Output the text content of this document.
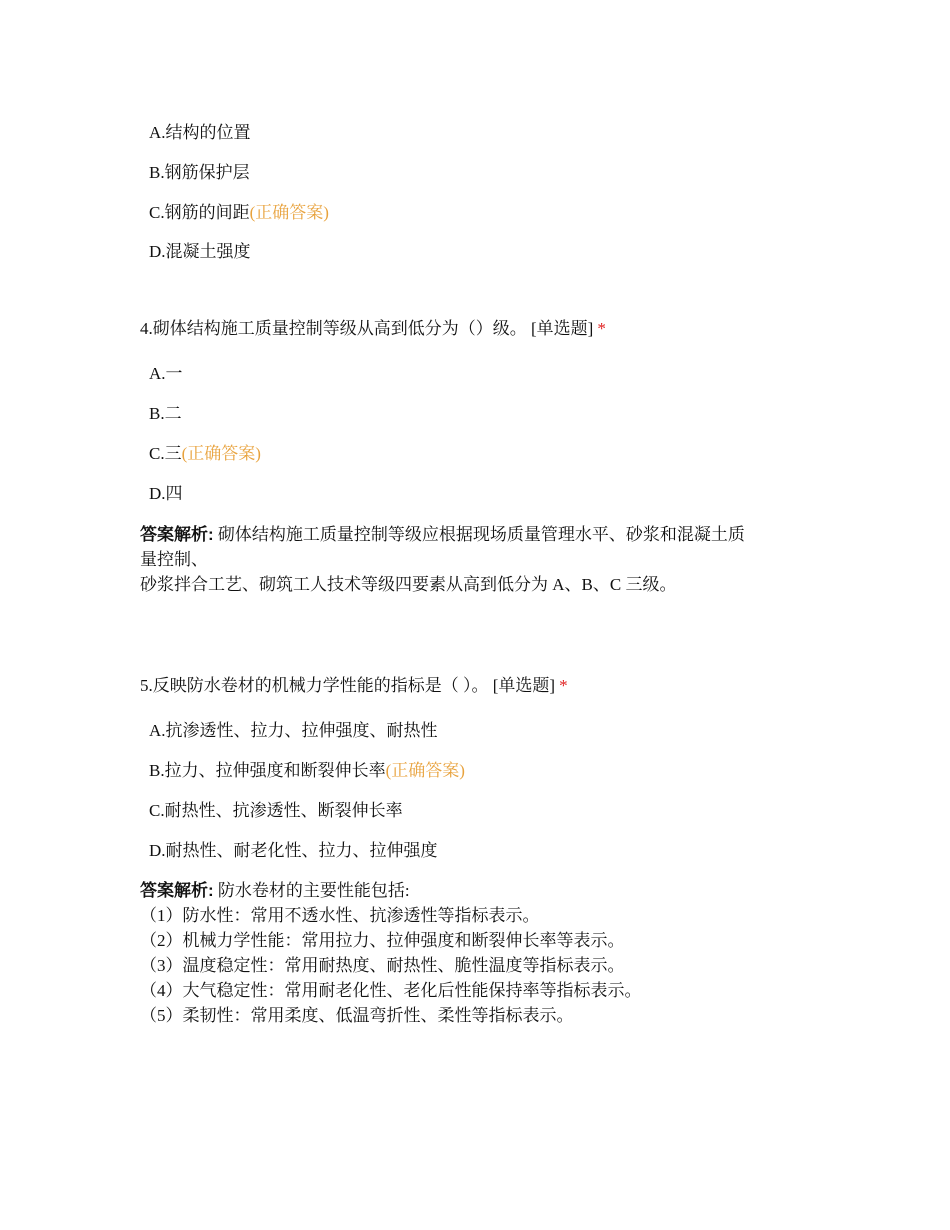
A.结构的位置
B.钢筋保护层
C.钢筋的间距(正确答案)
D.混凝土强度
4.砌体结构施工质量控制等级从高到低分为（）级。 [单选题] *
A.一
B.二
C.三(正确答案)
D.四
答案解析: 砌体结构施工质量控制等级应根据现场质量管理水平、砂浆和混凝土质
量控制、
砂浆拌合工艺、砌筑工人技术等级四要素从高到低分为 A、B、C 三级。
5.反映防水卷材的机械力学性能的指标是（ ）。 [单选题] *
A.抗渗透性、拉力、拉伸强度、耐热性
B.拉力、拉伸强度和断裂伸长率(正确答案)
C.耐热性、抗渗透性、断裂伸长率
D.耐热性、耐老化性、拉力、拉伸强度
答案解析: 防水卷材的主要性能包括:
（1）防水性：常用不透水性、抗渗透性等指标表示。
（2）机械力学性能：常用拉力、拉伸强度和断裂伸长率等表示。
（3）温度稳定性：常用耐热度、耐热性、脆性温度等指标表示。
（4）大气稳定性：常用耐老化性、老化后性能保持率等指标表示。
（5）柔韧性：常用柔度、低温弯折性、柔性等指标表示。
